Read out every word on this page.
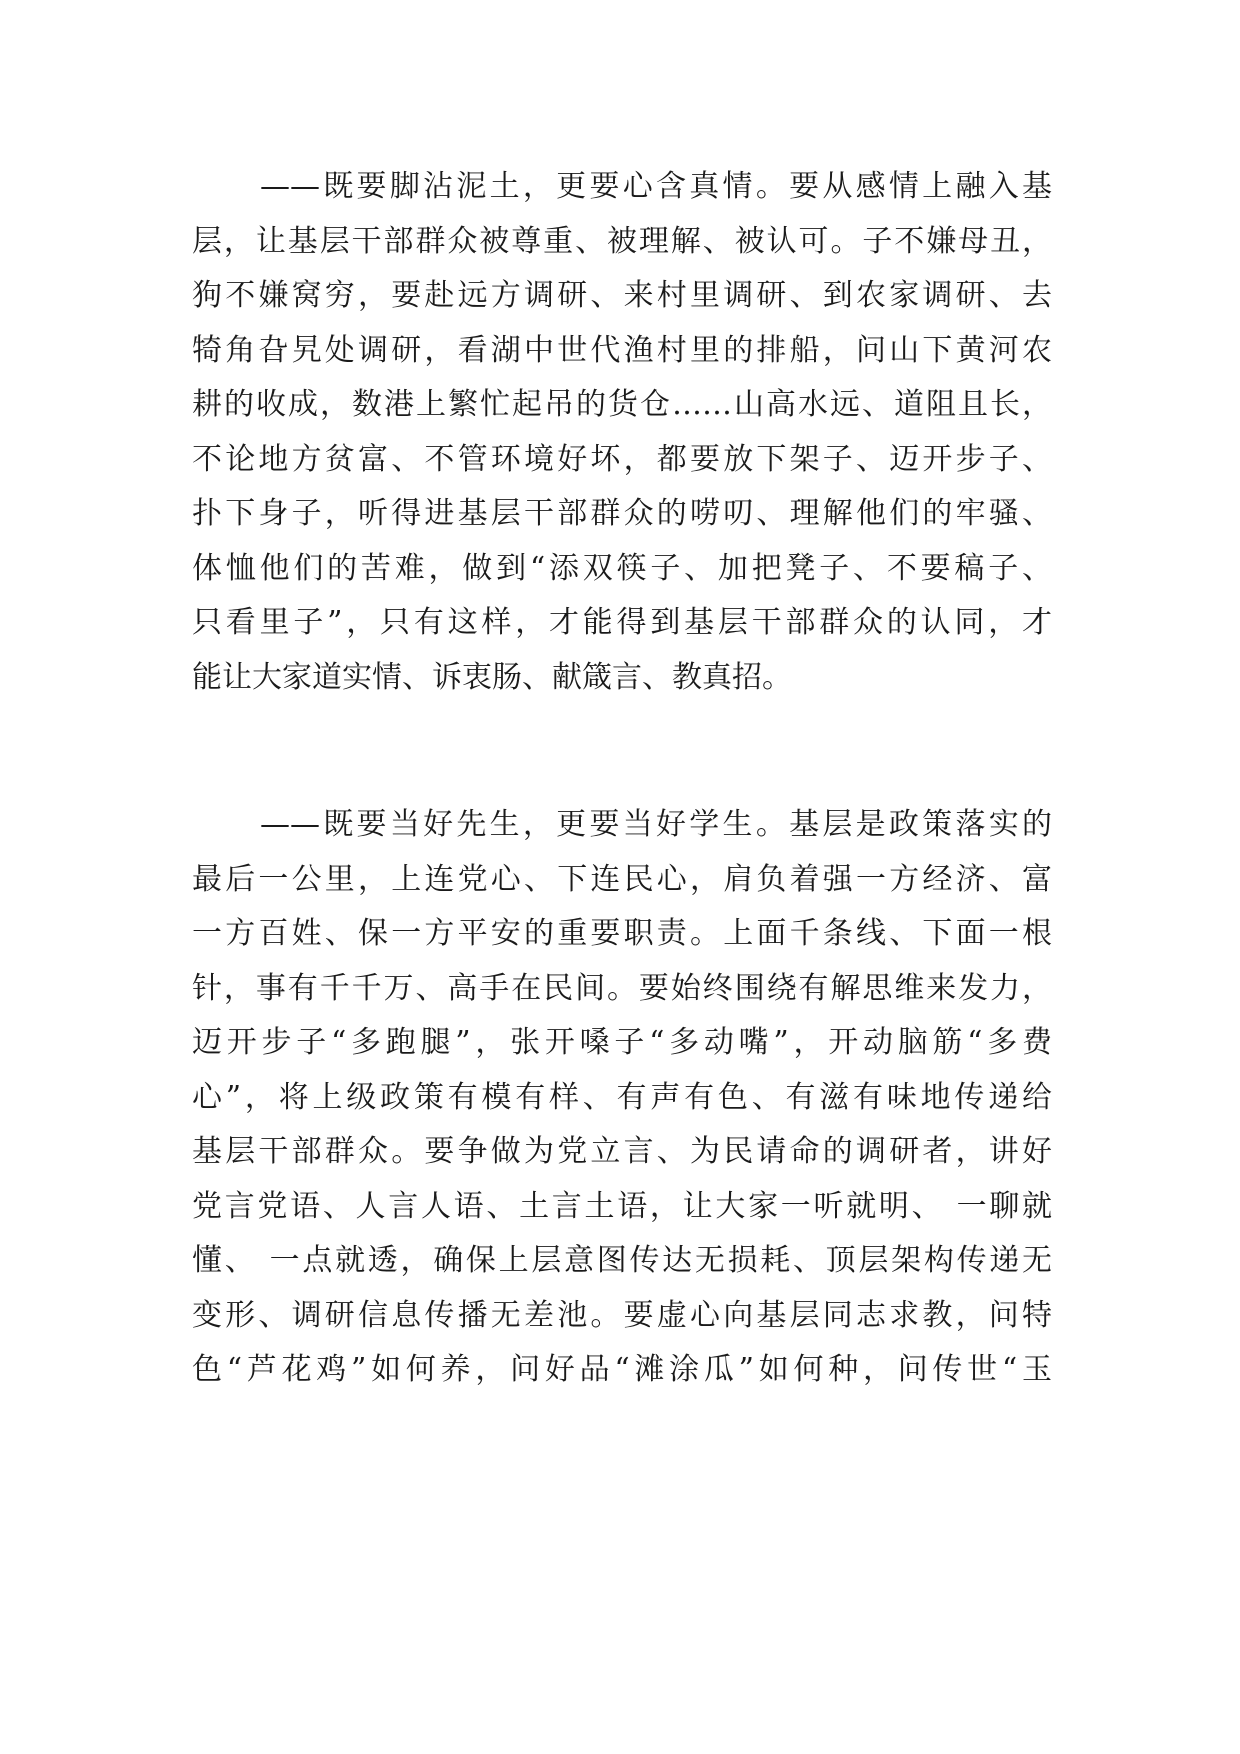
——既要脚沾泥土，更要心含真情。要从感情上融入基
层，让基层干部群众被尊重、被理解、被认可。子不嫌母丑，
狗不嫌窝穷，要赴远方调研、来村里调研、到农家调研、去
犄角旮旯处调研，看湖中世代渔村里的排船，问山下黄河农
耕的收成，数港上繁忙起吊的货仓……山高水远、道阻且长，
不论地方贫富、不管环境好坏，都要放下架子、迈开步子、
扑下身子，听得进基层干部群众的唠叨、理解他们的牢骚、
体恤他们的苦难，做到“添双筷子、加把凳子、不要稿子、
只看里子”，只有这样，才能得到基层干部群众的认同，才
能让大家道实情、诉衷肠、献箴言、教真招。
——既要当好先生，更要当好学生。基层是政策落实的
最后一公里，上连党心、下连民心，肩负着强一方经济、富
一方百姓、保一方平安的重要职责。上面千条线、下面一根
针，事有千千万、高手在民间。要始终围绕有解思维来发力，
迈开步子“多跑腿”，张开嗓子“多动嘴”，开动脑筋“多费
心”，将上级政策有模有样、有声有色、有滋有味地传递给
基层干部群众。要争做为党立言、为民请命的调研者，讲好
党言党语、人言人语、土言土语，让大家一听就明、 一聊就
懂、 一点就透，确保上层意图传达无损耗、顶层架构传递无
变形、调研信息传播无差池。要虚心向基层同志求教，问特
色“芦花鸡”如何养，问好品“滩涂瓜”如何种，问传世“玉
